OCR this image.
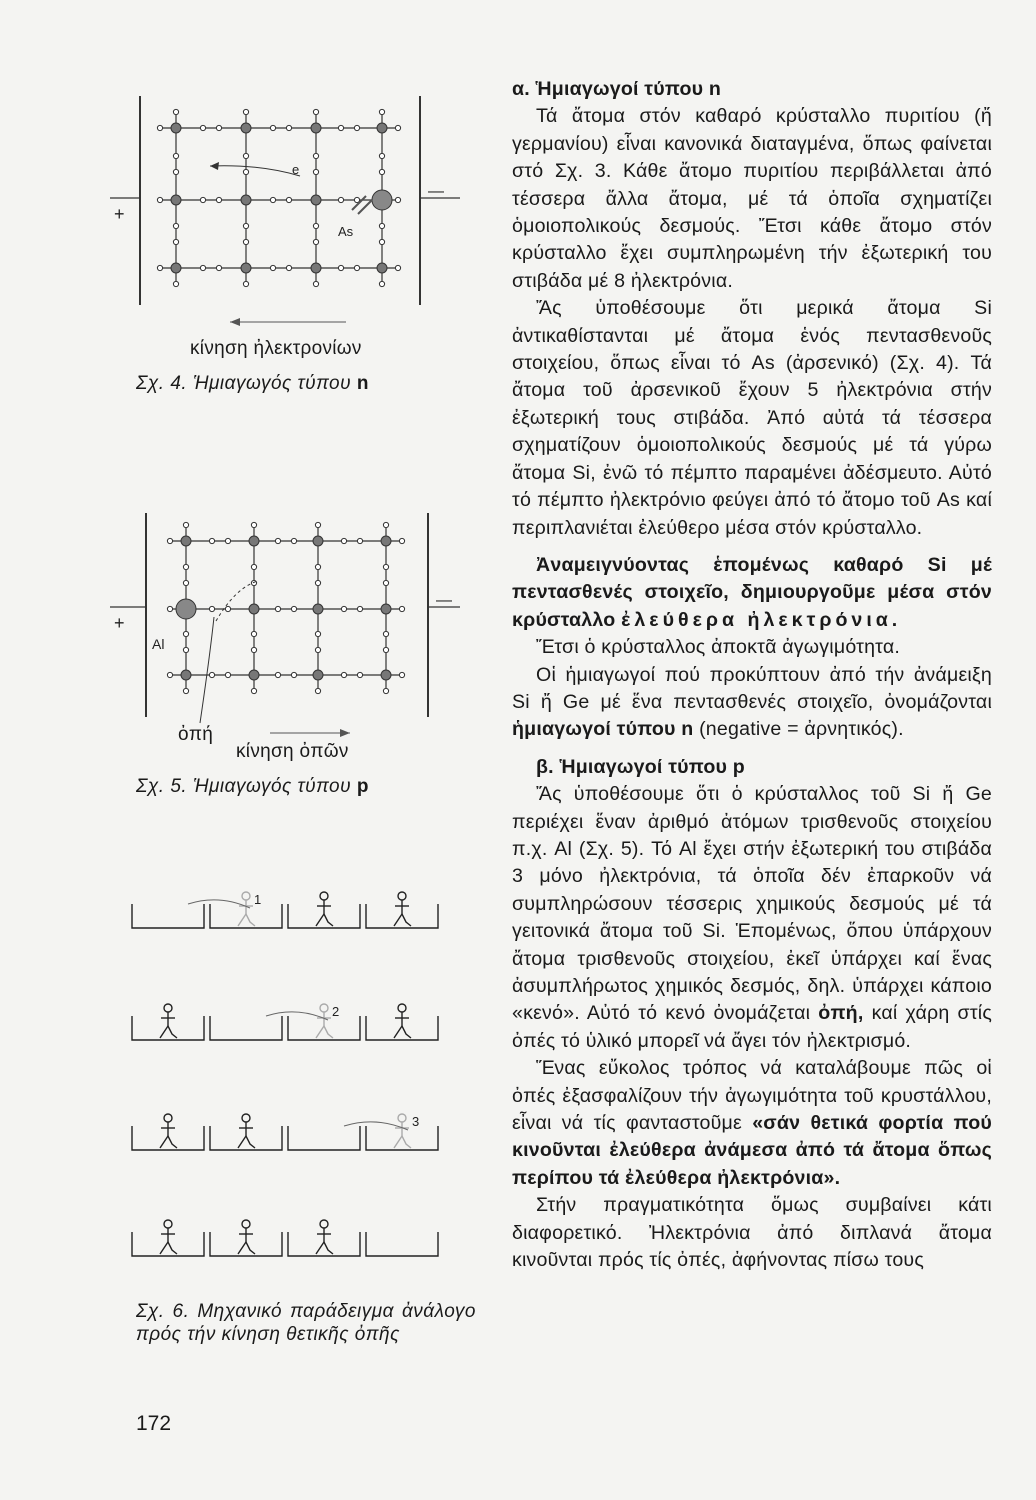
+
—
As
e
κίνηση ἠλεκτρονίων
Σχ. 4. Ἡμιαγωγός τύπου n
+
—
Al
ὀπή
κίνηση ὀπῶν
Σχ. 5. Ἡμιαγωγός τύπου p
1
2
3
Σχ. 6. Μηχανικό παράδειγμα ἀνάλογο πρός τήν κίνηση θετικῆς ὀπῆς
172

α. Ἡμιαγωγοί τύπου n

Τά ἄτομα στόν καθαρό κρύσταλλο πυριτίου (ἤ γερμανίου) εἶναι κανονικά διαταγμένα, ὅπως φαίνεται στό Σχ. 3. Κάθε ἄτομο πυριτίου περιβάλλεται ἀπό τέσσερα ἄλλα ἄτομα, μέ τά ὁποῖα σχηματίζει ὁμοιοπολικούς δεσμούς. Ἔτσι κάθε ἄτομο στόν κρύσταλλο ἔχει συμπληρωμένη τήν ἐξωτερική του στιβάδα μέ 8 ἠλεκτρόνια.

Ἄς ὑποθέσουμε ὅτι μερικά ἄτομα Si ἀντικαθίστανται μέ ἄτομα ἑνός πεντασθενοῦς στοιχείου, ὅπως εἶναι τό As (ἀρσενικό) (Σχ. 4). Τά ἄτομα τοῦ ἀρσενικοῦ ἔχουν 5 ἠλεκτρόνια στήν ἐξωτερική τους στιβάδα. Ἀπό αὐτά τά τέσσερα σχηματίζουν ὁμοιοπολικούς δεσμούς μέ τά γύρω ἄτομα Si, ἐνῶ τό πέμπτο παραμένει ἀδέσμευτο. Αὐτό τό πέμπτο ἠλεκτρόνιο φεύγει ἀπό τό ἄτομο τοῦ As καί περιπλανιέται ἐλεύθερο μέσα στόν κρύσταλλο.

Ἀναμειγνύοντας ἑπομένως καθαρό Si μέ πεντασθενές στοιχεῖο, δημιουργοῦμε μέσα στόν κρύσταλλο ἐλεύθερα ἠλεκτρόνια.

Ἔτσι ὁ κρύσταλλος ἀποκτᾶ ἀγωγιμότητα.

Οἱ ἡμιαγωγοί πού προκύπτουν ἀπό τήν ἀνάμειξη Si ἤ Ge μέ ἕνα πεντασθενές στοιχεῖο, ὀνομάζονται ἡμιαγωγοί τύπου n (negative = ἀρνητικός).

β. Ἡμιαγωγοί τύπου p

Ἄς ὑποθέσουμε ὅτι ὁ κρύσταλλος τοῦ Si ἤ Ge περιέχει ἕναν ἀριθμό ἀτόμων τρισθενοῦς στοιχείου π.χ. Al (Σχ. 5). Τό Al ἔχει στήν ἐξωτερική του στιβάδα 3 μόνο ἠλεκτρόνια, τά ὁποῖα δέν ἐπαρκοῦν νά συμπληρώσουν τέσσερις χημικούς δεσμούς μέ τά γειτονικά ἄτομα τοῦ Si. Ἑπομένως, ὅπου ὑπάρχουν ἄτομα τρισθενοῦς στοιχείου, ἐκεῖ ὑπάρχει καί ἕνας ἀσυμπλήρωτος χημικός δεσμός, δηλ. ὑπάρχει κάποιο «κενό». Αὐτό τό κενό ὀνομάζεται ὀπή, καί χάρη στίς ὀπές τό ὑλικό μπορεῖ νά ἄγει τόν ἠλεκτρισμό.

Ἕνας εὔκολος τρόπος νά καταλάβουμε πῶς οἱ ὀπές ἐξασφαλίζουν τήν ἀγωγιμότητα τοῦ κρυστάλλου, εἶναι νά τίς φανταστοῦμε «σάν θετικά φορτία πού κινοῦνται ἐλεύθερα ἀνάμεσα ἀπό τά ἄτομα ὅπως περίπου τά ἐλεύθερα ἠλεκτρόνια».

Στήν πραγματικότητα ὅμως συμβαίνει κάτι διαφορετικό. Ἠλεκτρόνια ἀπό διπλανά ἄτομα κινοῦνται πρός τίς ὀπές, ἀφήνοντας πίσω τους
